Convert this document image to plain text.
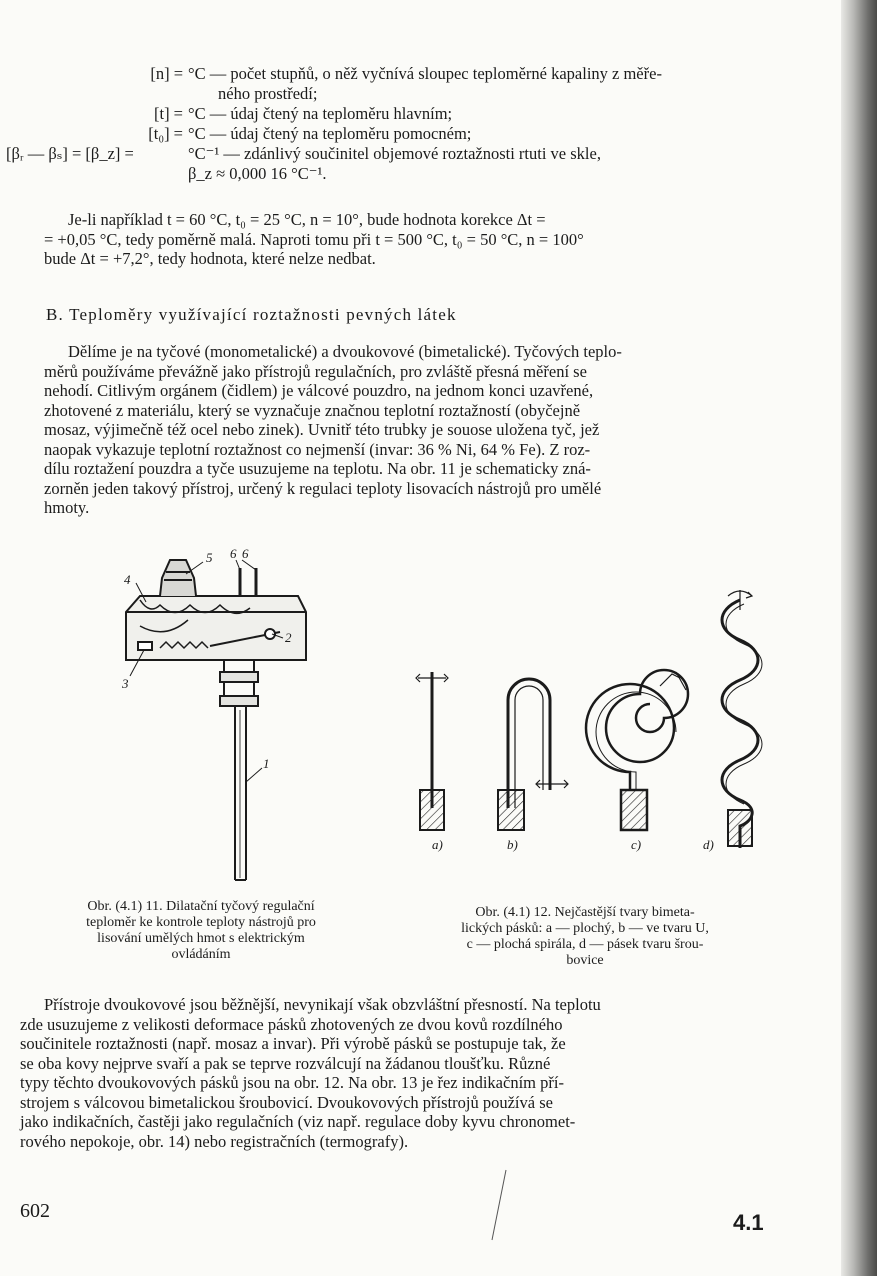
[n] = °C — počet stupňů, o něž vyčnívá sloupec teploměrné kapaliny z měře-
ného prostředí;
[t] = °C — údaj čtený na teploměru hlavním;
[t₀] = °C — údaj čtený na teploměru pomocném;
[βᵣ — βₛ] = [β_z] =	°C⁻¹ — zdánlivý součinitel objemové roztažnosti rtuti ve skle,
β_z ≈ 0,000 16 °C⁻¹.
Je-li například t = 60 °C, t₀ = 25 °C, n = 10°, bude hodnota korekce Δt =
= +0,05 °C, tedy poměrně malá. Naproti tomu při t = 500 °C, t₀ = 50 °C, n = 100°
bude Δt = +7,2°, tedy hodnota, které nelze nedbat.
B. Teploměry využívající roztažnosti pevných látek
Dělíme je na tyčové (monometalické) a dvoukovové (bimetalické). Tyčových teplo-
měrů používáme převážně jako přístrojů regulačních, pro zvláště přesná měření se
nehodí. Citlivým orgánem (čidlem) je válcové pouzdro, na jednom konci uzavřené,
zhotovené z materiálu, který se vyznačuje značnou teplotní roztažností (obyčejně
mosaz, výjimečně též ocel nebo zinek). Uvnitř této trubky je souose uložena tyč, jež
naopak vykazuje teplotní roztažnost co nejmenší (invar: 36 % Ni, 64 % Fe). Z roz-
dílu roztažení pouzdra a tyče usuzujeme na teplotu. Na obr. 11 je schematicky zná-
zorněn jeden takový přístroj, určený k regulaci teploty lisovacích nástrojů pro umělé
hmoty.
5 6 6
4
2
3
1
a)	b)	c)	d)
Obr. (4.1) 11. Dilatační tyčový regulační
teploměr ke kontrole teploty nástrojů pro
lisování umělých hmot s elektrickým
ovládáním
Obr. (4.1) 12. Nejčastější tvary bimeta-
lických pásků: a — plochý, b — ve tvaru U,
c — plochá spirála, d — pásek tvaru šrou-
bovice
Přístroje dvoukovové jsou běžnější, nevynikají však obzvláštní přesností. Na teplotu
zde usuzujeme z velikosti deformace pásků zhotovených ze dvou kovů rozdílného
součinitele roztažnosti (např. mosaz a invar). Při výrobě pásků se postupuje tak, že
se oba kovy nejprve svaří a pak se teprve rozválcují na žádanou tloušťku. Různé
typy těchto dvoukovových pásků jsou na obr. 12. Na obr. 13 je řez indikačním pří-
strojem s válcovou bimetalickou šroubovicí. Dvoukovových přístrojů používá se
jako indikačních, častěji jako regulačních (viz např. regulace doby kyvu chronomet-
rového nepokoje, obr. 14) nebo registračních (termografy).
602	4.1
